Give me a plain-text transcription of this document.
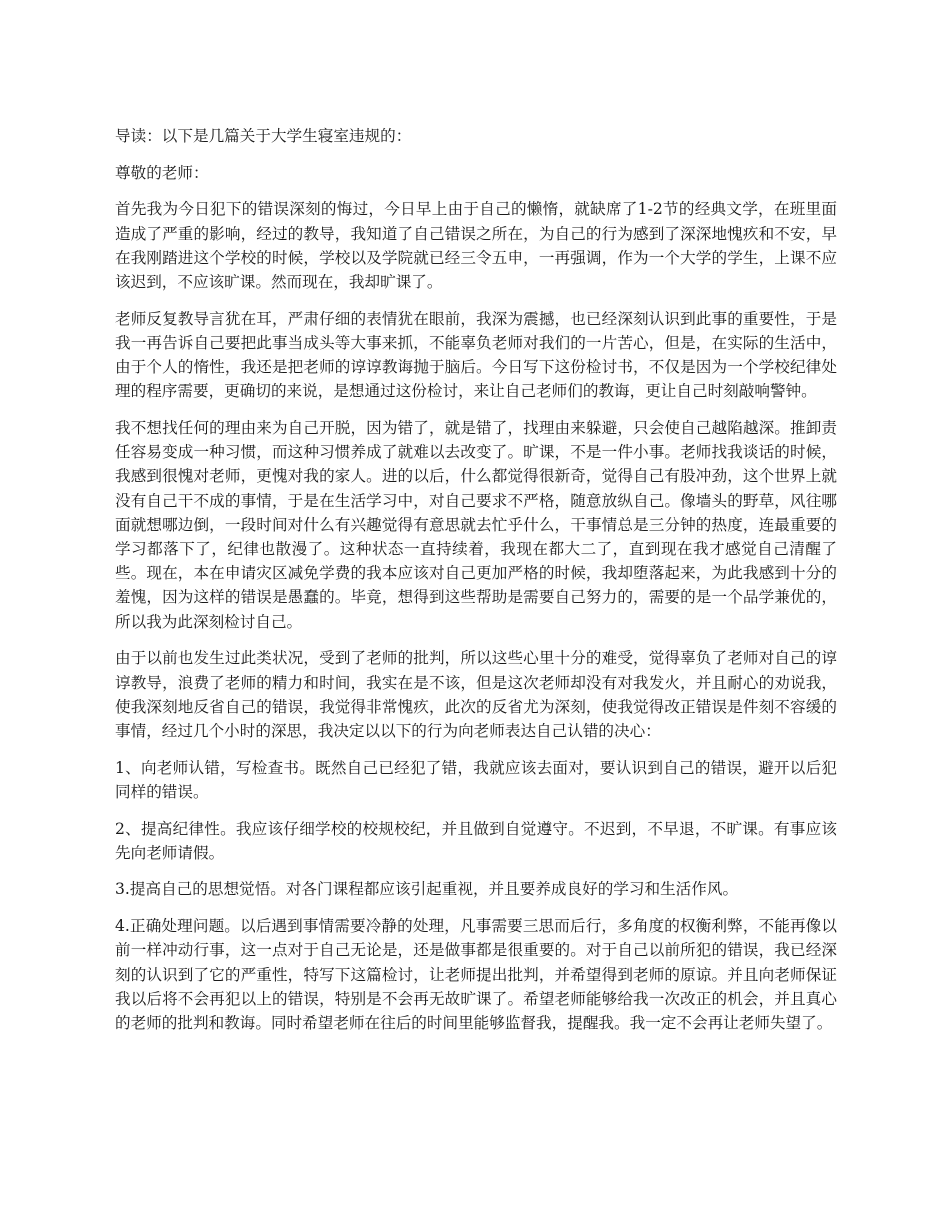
导读：以下是几篇关于大学生寝室违规的：

尊敬的老师：

首先我为今日犯下的错误深刻的悔过，今日早上由于自己的懒惰，就缺席了1-2节的经典文学，在班里面造成了严重的影响，经过的教导，我知道了自己错误之所在，为自己的行为感到了深深地愧疚和不安，早在我刚踏进这个学校的时候，学校以及学院就已经三令五申，一再强调，作为一个大学的学生，上课不应该迟到，不应该旷课。然而现在，我却旷课了。

老师反复教导言犹在耳，严肃仔细的表情犹在眼前，我深为震撼，也已经深刻认识到此事的重要性，于是我一再告诉自己要把此事当成头等大事来抓，不能辜负老师对我们的一片苦心，但是，在实际的生活中，由于个人的惰性，我还是把老师的谆谆教诲抛于脑后。今日写下这份检讨书，不仅是因为一个学校纪律处理的程序需要，更确切的来说，是想通过这份检讨，来让自己老师们的教诲，更让自己时刻敲响警钟。

我不想找任何的理由来为自己开脱，因为错了，就是错了，找理由来躲避，只会使自己越陷越深。推卸责任容易变成一种习惯，而这种习惯养成了就难以去改变了。旷课，不是一件小事。老师找我谈话的时候，我感到很愧对老师，更愧对我的家人。进的以后，什么都觉得很新奇，觉得自己有股冲劲，这个世界上就没有自己干不成的事情，于是在生活学习中，对自己要求不严格，随意放纵自己。像墙头的野草，风往哪面就想哪边倒，一段时间对什么有兴趣觉得有意思就去忙乎什么，干事情总是三分钟的热度，连最重要的学习都落下了，纪律也散漫了。这种状态一直持续着，我现在都大二了，直到现在我才感觉自己清醒了些。现在，本在申请灾区减免学费的我本应该对自己更加严格的时候，我却堕落起来，为此我感到十分的羞愧，因为这样的错误是愚蠢的。毕竟，想得到这些帮助是需要自己努力的，需要的是一个品学兼优的，所以我为此深刻检讨自己。

由于以前也发生过此类状况，受到了老师的批判，所以这些心里十分的难受，觉得辜负了老师对自己的谆谆教导，浪费了老师的精力和时间，我实在是不该，但是这次老师却没有对我发火，并且耐心的劝说我，使我深刻地反省自己的错误，我觉得非常愧疚，此次的反省尤为深刻，使我觉得改正错误是件刻不容缓的事情，经过几个小时的深思，我决定以以下的行为向老师表达自己认错的决心：

1、向老师认错，写检查书。既然自己已经犯了错，我就应该去面对，要认识到自己的错误，避开以后犯同样的错误。

2、提高纪律性。我应该仔细学校的校规校纪，并且做到自觉遵守。不迟到，不早退，不旷课。有事应该先向老师请假。

3.提高自己的思想觉悟。对各门课程都应该引起重视，并且要养成良好的学习和生活作风。

4.正确处理问题。以后遇到事情需要冷静的处理，凡事需要三思而后行，多角度的权衡利弊，不能再像以前一样冲动行事，这一点对于自己无论是，还是做事都是很重要的。对于自己以前所犯的错误，我已经深刻的认识到了它的严重性，特写下这篇检讨，让老师提出批判，并希望得到老师的原谅。并且向老师保证我以后将不会再犯以上的错误，特别是不会再无故旷课了。希望老师能够给我一次改正的机会，并且真心的老师的批判和教诲。同时希望老师在往后的时间里能够监督我，提醒我。我一定不会再让老师失望了。
